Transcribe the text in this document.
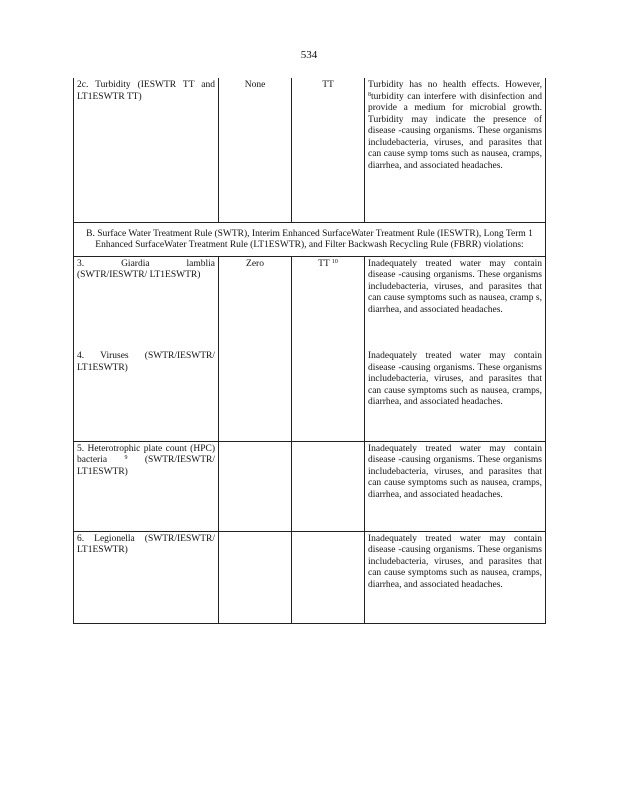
534
2c. Turbidity (IESWTR TT and LT1ESWTR TT)	None	TT	Turbidity has no health effects. However, $^8$turbidity can interfere with disinfection and provide a medium for microbial growth. Turbidity may indicate the presence of disease -causing organisms. These organisms includebacteria, viruses, and parasites that can cause symp toms such as nausea, cramps, diarrhea, and associated headaches.
B. Surface Water Treatment Rule (SWTR), Interim Enhanced SurfaceWater Treatment Rule (IESWTR), Long Term 1 Enhanced SurfaceWater Treatment Rule (LT1ESWTR), and Filter Backwash Recycling Rule (FBRR) violations:			
3. Giardia lamblia (SWTR/IESWTR/ LT1ESWTR)	Zero	TT $^{10}$	Inadequately treated water may contain disease -causing organisms. These organisms includebacteria, viruses, and parasites that can cause symptoms such as nausea, cramp s, diarrhea, and associated headaches.
4. Viruses (SWTR/IESWTR/ LT1ESWTR)			Inadequately treated water may contain disease -causing organisms. These organisms includebacteria, viruses, and parasites that can cause symptoms such as nausea, cramps, diarrhea, and associated headaches.
5. Heterotrophic plate count (HPC) bacteria $^9$ (SWTR/IESWTR/ LT1ESWTR)			Inadequately treated water may contain disease -causing organisms. These organisms includebacteria, viruses, and parasites that can cause symptoms such as nausea, cramps, diarrhea, and associated headaches.
6. Legionella (SWTR/IESWTR/ LT1ESWTR)			Inadequately treated water may contain disease -causing organisms. These organisms includebacteria, viruses, and parasites that can cause symptoms such as nausea, cramps, diarrhea, and associated headaches.
